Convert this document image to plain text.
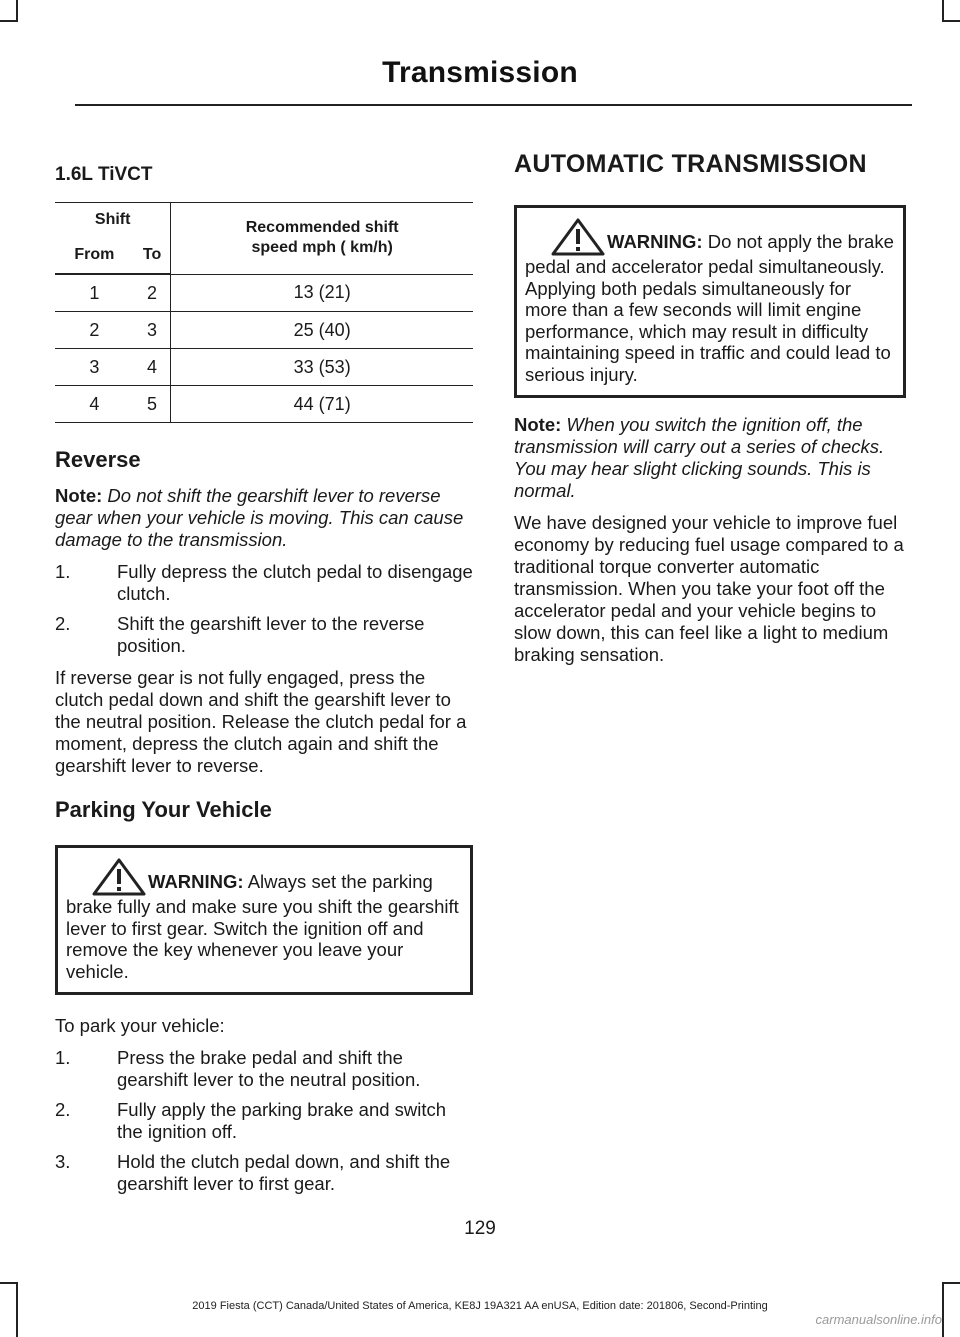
Transmission
1.6L TiVCT
Shift		Recommended shift
speed mph ( km/h)

From	To	
1	2	13 (21)
2	3	25 (40)
3	4	33 (53)
4	5	44 (71)
Reverse

Note: Do not shift the gearshift lever to reverse gear when your vehicle is moving. This can cause damage to the transmission.

1.	Fully depress the clutch pedal to disengage clutch.
2.	Shift the gearshift lever to the reverse position.

If reverse gear is not fully engaged, press the clutch pedal down and shift the gearshift lever to the neutral position. Release the clutch pedal for a moment, depress the clutch again and shift the gearshift lever to reverse.

Parking Your Vehicle
WARNING: Always set the parking brake fully and make sure you shift the gearshift lever to first gear. Switch the ignition off and remove the key whenever you leave your vehicle.

To park your vehicle:

1.	Press the brake pedal and shift the gearshift lever to the neutral position.
2.	Fully apply the parking brake and switch the ignition off.
3.	Hold the clutch pedal down, and shift the gearshift lever to first gear.
AUTOMATIC TRANSMISSION
WARNING: Do not apply the brake pedal and accelerator pedal simultaneously. Applying both pedals simultaneously for more than a few seconds will limit engine performance, which may result in difficulty maintaining speed in traffic and could lead to serious injury.

Note: When you switch the ignition off, the transmission will carry out a series of checks. You may hear slight clicking sounds. This is normal.

We have designed your vehicle to improve fuel economy by reducing fuel usage compared to a traditional torque converter automatic transmission. When you take your foot off the accelerator pedal and your vehicle begins to slow down, this can feel like a light to medium braking sensation.

129
2019 Fiesta (CCT) Canada/United States of America, KE8J 19A321 AA enUSA, Edition date: 201806, Second-Printing
carmanualsonline.info
